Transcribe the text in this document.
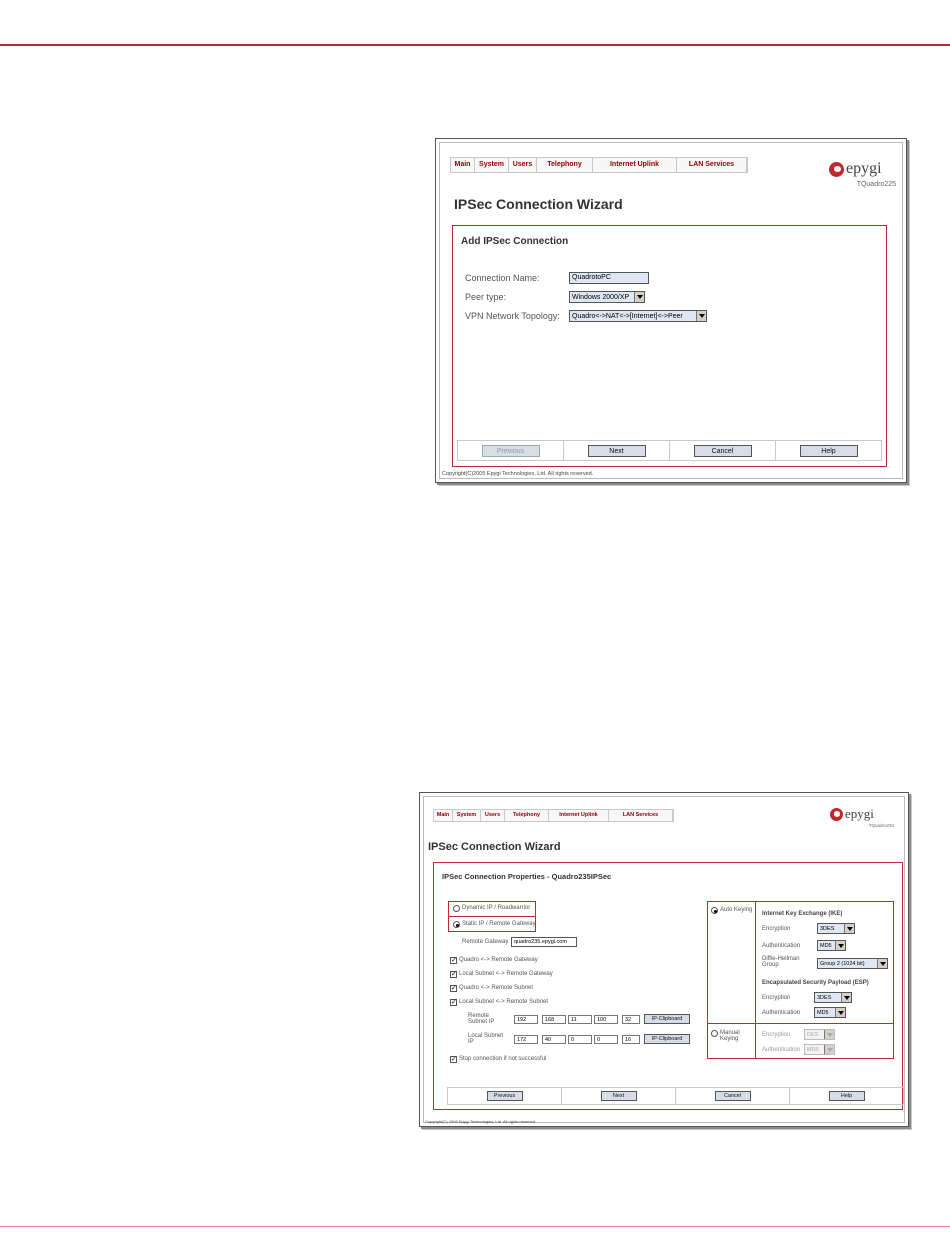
Main	System	Users	Telephony	Internet Uplink	LAN Services	epygi
TQuadro225
IPSec Connection Wizard
Add IPSec Connection
Connection Name:	QuadrotoPC
Peer type:	Windows 2000/XP
VPN Network Topology: Quadro<->NAT<->[Internet]<->Peer
Previous	Next	Cancel	Help
Copyright(C)2005 Epygi Technologies, Ltd. All rights reserved.
Main	System	Users	Telephony	Internet Uplink	LAN Services	epygi
TQuadro234
IPSec Connection Wizard
IPSec Connection Properties - Quadro235IPSec
Dynamic IP / Roadwarrior
Static IP / Remote Gateway
Remote Gateway	quadro235.epygi.com
✓ Quadro <-> Remote Gateway
✓ Local Subnet <-> Remote Gateway
✓ Quadro <-> Remote Subnet
✓ Local Subnet <-> Remote Subnet
Remote Subnet IP	192	168	11	100	32	IP-Clipboard
Local Subnet IP	172	40	0	0	16	IP-Clipboard
✓ Stop connection if not successful
Auto Keying
Internet Key Exchange (IKE)
Encryption	3DES
Authentication	MD5
Diffie-Hellman Group	Group 2 (1024 bit)
Encapsulated Security Payload (ESP)
Encryption	3DES
Authentication	MD5
Manual Keying
Encryption	DES
Authentication	MD5
Previous	Next	Cancel	Help
Copyright(C) 2006 Epygi Technologies, Ltd. All rights reserved.
